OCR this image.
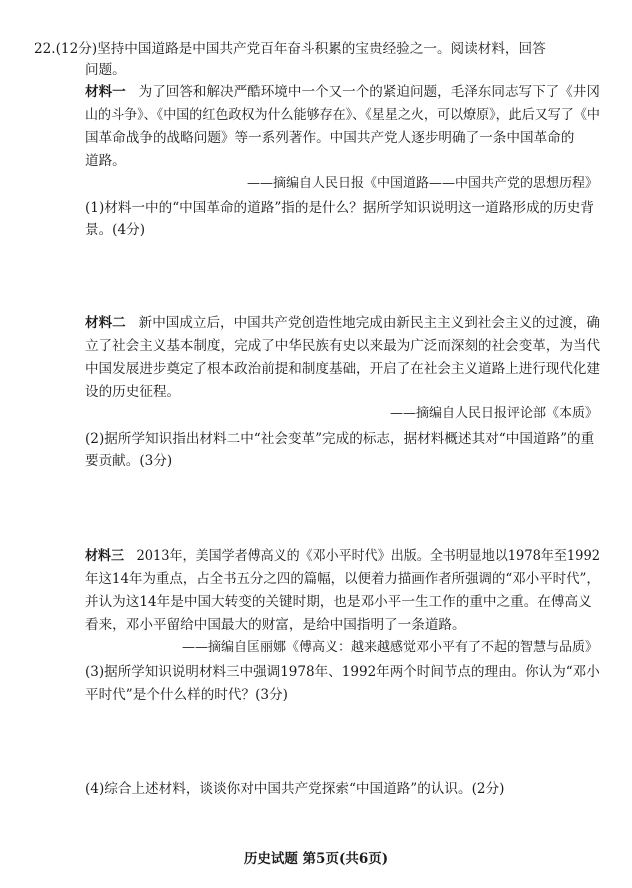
22.(12分)坚持中国道路是中国共产党百年奋斗积累的宝贵经验之一。阅读材料，回答
问题。
材料一 为了回答和解决严酷环境中一个又一个的紧迫问题，毛泽东同志写下了《井冈
山的斗争》、《中国的红色政权为什么能够存在》、《星星之火，可以燎原》，此后又写了《中
国革命战争的战略问题》等一系列著作。中国共产党人逐步明确了一条中国革命的
道路。
——摘编自人民日报《中国道路——中国共产党的思想历程》
(1)材料一中的“中国革命的道路”指的是什么？据所学知识说明这一道路形成的历史背
景。(4分)
材料二 新中国成立后，中国共产党创造性地完成由新民主主义到社会主义的过渡，确
立了社会主义基本制度，完成了中华民族有史以来最为广泛而深刻的社会变革，为当代
中国发展进步奠定了根本政治前提和制度基础，开启了在社会主义道路上进行现代化建
设的历史征程。
——摘编自人民日报评论部《本质》
(2)据所学知识指出材料二中“社会变革”完成的标志，据材料概述其对“中国道路”的重
要贡献。(3分)
材料三 2013年，美国学者傅高义的《邓小平时代》出版。全书明显地以1978年至1992
年这14年为重点，占全书五分之四的篇幅，以便着力描画作者所强调的“邓小平时代”，
并认为这14年是中国大转变的关键时期，也是邓小平一生工作的重中之重。在傅高义
看来，邓小平留给中国最大的财富，是给中国指明了一条道路。
——摘编自匡丽娜《傅高义：越来越感觉邓小平有了不起的智慧与品质》
(3)据所学知识说明材料三中强调1978年、1992年两个时间节点的理由。你认为“邓小
平时代”是个什么样的时代？(3分)
(4)综合上述材料，谈谈你对中国共产党探索“中国道路”的认识。(2分)
历史试题 第5页(共6页)
